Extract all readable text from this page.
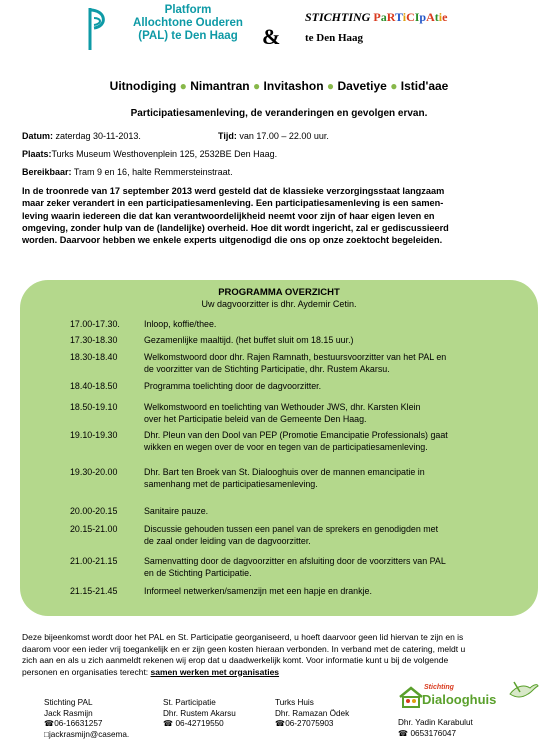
Platform
Allochtone Ouderen
(PAL) te Den Haag	&
STICHTING PaRTiCIpAtie
te Den Haag
Uitnodiging ● Nimantran ● Invitashon ● Davetiye ● Istid'aae
Participatiesamenleving, de veranderingen en gevolgen ervan.
Datum: zaterdag 30-11-2013.	Tijd: van 17.00 – 22.00 uur.
Plaats:Turks Museum Westhovenplein 125, 2532BE Den Haag.
Bereikbaar: Tram 9 en 16, halte Remmersteinstraat.
In de troonrede van 17 september 2013 werd gesteld dat de klassieke verzorgingsstaat langzaam
maar zeker verandert in een participatiesamenleving. Een participatiesamenleving is een samen-
leving waarin iedereen die dat kan verantwoordelijkheid neemt voor zijn of haar eigen leven en
omgeving, zonder hulp van de (landelijke) overheid. Hoe dit wordt ingericht, zal er gediscussieerd
worden. Daarvoor hebben we enkele experts uitgenodigd die ons op onze zoektocht begeleiden.
PROGRAMMA OVERZICHT
Uw dagvoorzitter is dhr. Aydemir Cetin.
17.00-17.30.	Inloop, koffie/thee.
17.30-18.30	Gezamenlijke maaltijd. (het buffet sluit om 18.15 uur.)
18.30-18.40	Welkomstwoord door dhr. Rajen Ramnath, bestuursvoorzitter van het PAL en
de voorzitter van de Stichting Participatie, dhr. Rustem Akarsu.
18.40-18.50	Programma toelichting door de dagvoorzitter.
18.50-19.10	Welkomstwoord en toelichting van Wethouder JWS, dhr. Karsten Klein
over het Participatie beleid van de Gemeente Den Haag.
19.10-19.30	Dhr. Pleun van den Dool van PEP (Promotie Emancipatie Professionals) gaat
wikken en wegen over de voor en tegen van de participatiesamenleving.
19.30-20.00	Dhr. Bart ten Broek van St. Dialooghuis over de mannen emancipatie in
samenhang met de participatiesamenleving.
20.00-20.15	Sanitaire pauze.
20.15-21.00	Discussie gehouden tussen een panel van de sprekers en genodigden met
de zaal onder leiding van de dagvoorzitter.
21.00-21.15	Samenvatting door de dagvoorzitter en afsluiting door de voorzitters van PAL
en de Stichting Participatie.
21.15-21.45	Informeel netwerken/samenzijn met een hapje en drankje.
Deze bijeenkomst wordt door het PAL en St. Participatie georganiseerd, u hoeft daarvoor geen lid hiervan te zijn en is
daarom voor een ieder vrij toegankelijk en er zijn geen kosten hieraan verbonden. In verband met de catering, meldt u
zich aan en als u zich aanmeldt rekenen wij erop dat u daadwerkelijk komt. Voor informatie kunt u bij de volgende
personen en organisaties terecht: samen werken met organisaties
Stichting PAL
Jack Rasmijn
☎06-16631257
□jackrasmijn@casema.
St. Participatie
Dhr. Rustem Akarsu
☎ 06-42719550
Turks Huis
Dhr. Ramazan Ödek
☎06-27075903
Stichting
Dialooghuis
Dhr. Yadin Karabulut
☎ 0653176047
